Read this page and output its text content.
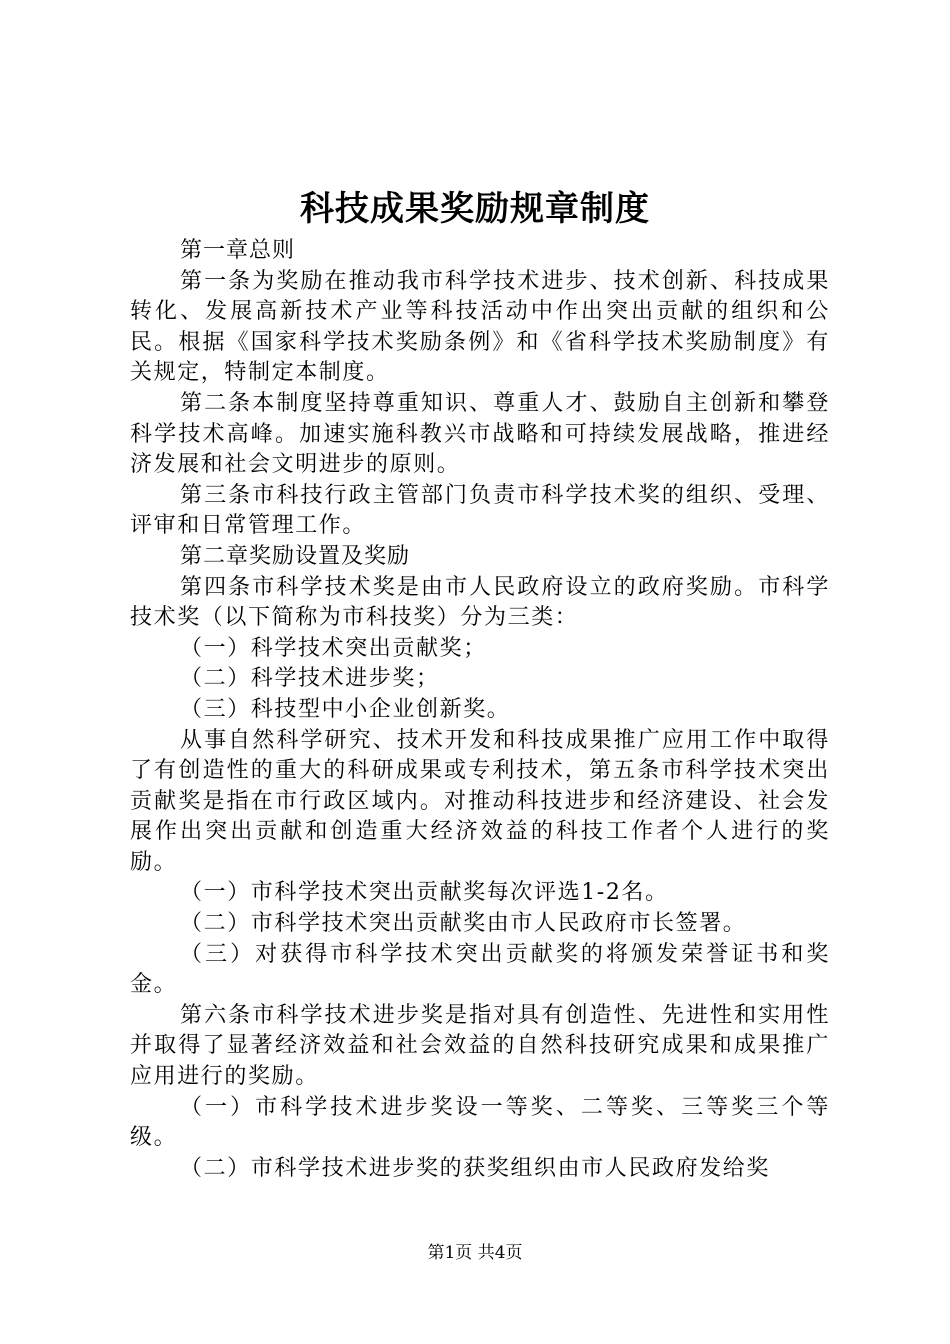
科技成果奖励规章制度

第一章总则

第一条为奖励在推动我市科学技术进步、技术创新、科技成果转化、发展高新技术产业等科技活动中作出突出贡献的组织和公民。根据《国家科学技术奖励条例》和《省科学技术奖励制度》有关规定，特制定本制度。

第二条本制度坚持尊重知识、尊重人才、鼓励自主创新和攀登科学技术高峰。加速实施科教兴市战略和可持续发展战略，推进经济发展和社会文明进步的原则。

第三条市科技行政主管部门负责市科学技术奖的组织、受理、评审和日常管理工作。

第二章奖励设置及奖励

第四条市科学技术奖是由市人民政府设立的政府奖励。市科学技术奖（以下简称为市科技奖）分为三类：

（一）科学技术突出贡献奖；

（二）科学技术进步奖；

（三）科技型中小企业创新奖。

从事自然科学研究、技术开发和科技成果推广应用工作中取得了有创造性的重大的科研成果或专利技术，第五条市科学技术突出贡献奖是指在市行政区域内。对推动科技进步和经济建设、社会发展作出突出贡献和创造重大经济效益的科技工作者个人进行的奖励。

（一）市科学技术突出贡献奖每次评选1-2名。

（二）市科学技术突出贡献奖由市人民政府市长签署。

（三）对获得市科学技术突出贡献奖的将颁发荣誉证书和奖金。

第六条市科学技术进步奖是指对具有创造性、先进性和实用性并取得了显著经济效益和社会效益的自然科技研究成果和成果推广应用进行的奖励。

（一）市科学技术进步奖设一等奖、二等奖、三等奖三个等级。

（二）市科学技术进步奖的获奖组织由市人民政府发给奖

第1页 共4页
